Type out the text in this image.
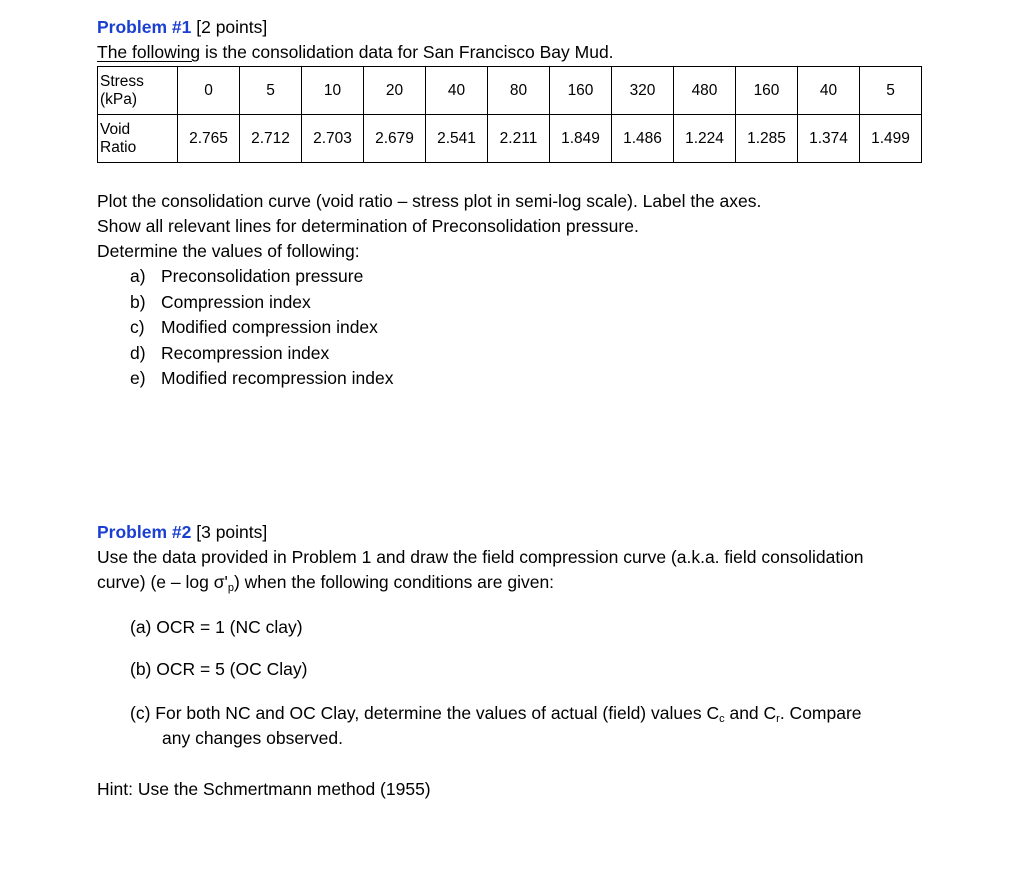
Problem #1 [2 points]
The following is the consolidation data for San Francisco Bay Mud.
Stress
(kPa)	0	5	10	20	40	80	160	320	480	160	40	5

Void
Ratio	2.765	2.712	2.703	2.679	2.541	2.211	1.849	1.486	1.224	1.285	1.374	1.499
Plot the consolidation curve (void ratio – stress plot in semi-log scale). Label the axes.
Show all relevant lines for determination of Preconsolidation pressure.
Determine the values of following:
a) Preconsolidation pressure
b) Compression index
c) Modified compression index
d) Recompression index
e) Modified recompression index
Problem #2 [3 points]
Use the data provided in Problem 1 and draw the field compression curve (a.k.a. field consolidation
curve) (e – log σ'p) when the following conditions are given:
(a) OCR = 1 (NC clay)
(b) OCR = 5 (OC Clay)
(c) For both NC and OC Clay, determine the values of actual (field) values Cc and Cr. Compare
any changes observed.
Hint: Use the Schmertmann method (1955)
